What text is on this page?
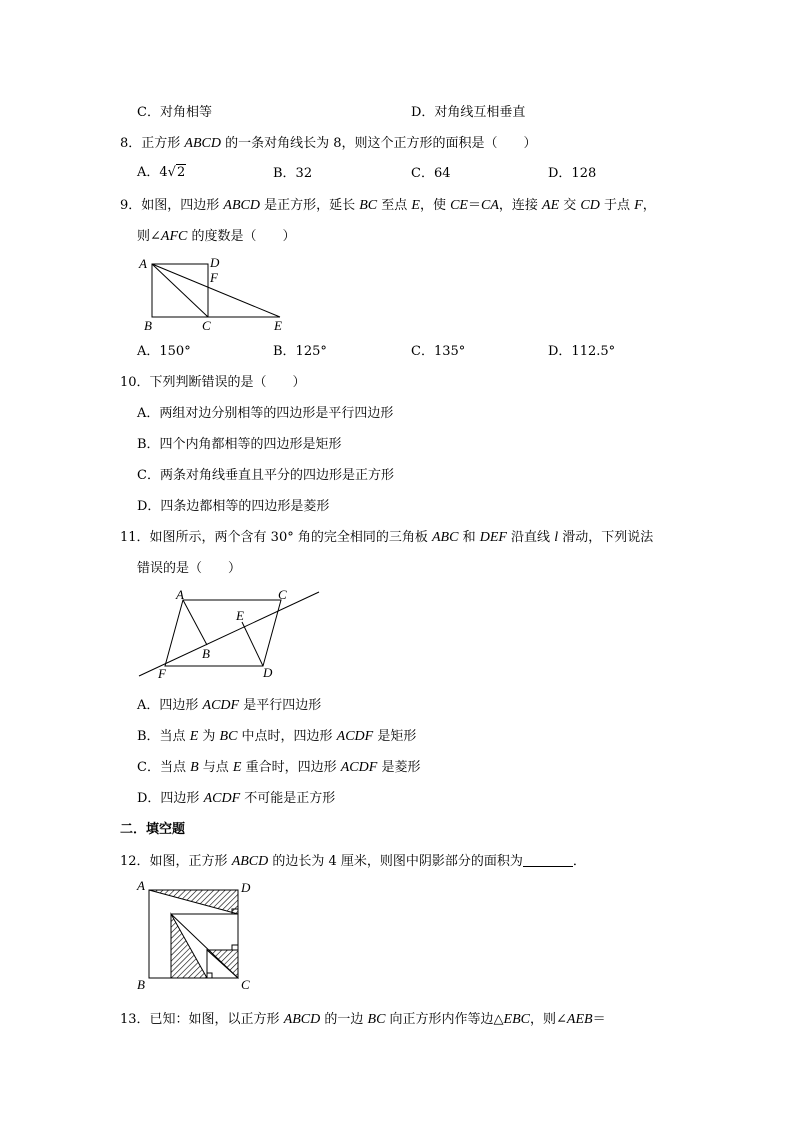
C．对角相等	D．对角线互相垂直
8．正方形 ABCD 的一条对角线长为 8，则这个正方形的面积是（　　）
A．4√2	B．32	C．64	D．128
9．如图，四边形 ABCD 是正方形，延长 BC 至点 E，使 CE＝CA，连接 AE 交 CD 于点 F，
则∠AFC 的度数是（　　）
A	D
F
B	C	E
A．150°	B．125°	C．135°	D．112.5°
10．下列判断错误的是（　　）
A．两组对边分别相等的四边形是平行四边形
B．四个内角都相等的四边形是矩形
C．两条对角线垂直且平分的四边形是正方形
D．四条边都相等的四边形是菱形
11．如图所示，两个含有 30° 角的完全相同的三角板 ABC 和 DEF 沿直线 l 滑动，下列说法
错误的是（　　）
A	C
E
B
D
F
A．四边形 ACDF 是平行四边形
B．当点 E 为 BC 中点时，四边形 ACDF 是矩形
C．当点 B 与点 E 重合时，四边形 ACDF 是菱形
D．四边形 ACDF 不可能是正方形
二．填空题
12．如图，正方形 ABCD 的边长为 4 厘米，则图中阴影部分的面积为	．
A	D
B	C
13．已知：如图，以正方形 ABCD 的一边 BC 向正方形内作等边△EBC，则∠AEB＝
